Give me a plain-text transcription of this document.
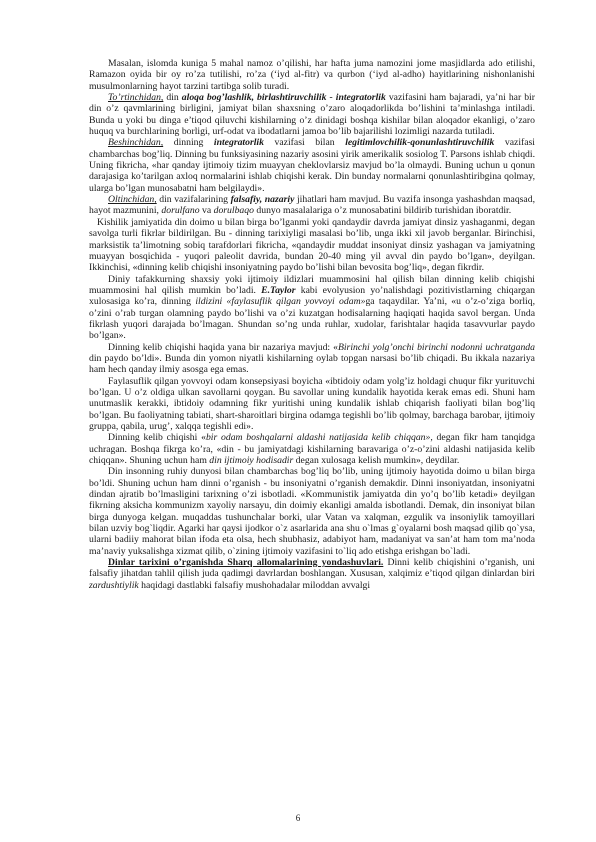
Masalan, islomda kuniga 5 mahal namoz o’qilishi, har hafta juma namozini jome masjidlarda ado etilishi, Ramazon oyida bir oy ro’za tutilishi, ro’za (‘iyd al-fitr) va qurbon (‘iyd al-adho) hayitlarining nishonlanishi musulmonlarning hayot tarzini tartibga solib turadi.

To’rtinchidan, din aloqa bog’lashlik, birlashtiruvchilik - integratorlik vazifasini ham bajaradi, ya’ni har bir din o’z qavmlarining birligini, jamiyat bilan shaxsning o’zaro aloqadorlikda bo’lishini ta’minlashga intiladi. Bunda u yoki bu dinga e’tiqod qiluvchi kishilarning o’z dinidagi boshqa kishilar bilan aloqador ekanligi, o’zaro huquq va burchlarining borligi, urf-odat va ibodatlarni jamoa bo’lib bajarilishi lozimligi nazarda tutiladi.

Beshinchidan, dinning integratorlik vazifasi bilan legitimlovchilik-qonunlashtiruvchilik vazifasi chambarchas bog’liq. Dinning bu funksiyasining nazariy asosini yirik amerikalik sosiolog T. Parsons ishlab chiqdi. Uning fikricha, «har qanday ijtimoiy tizim muayyan cheklovlarsiz mavjud bo’la olmaydi. Buning uchun u qonun darajasiga ko’tarilgan axloq normalarini ishlab chiqishi kerak. Din bunday normalarni qonunlashtiribgina qolmay, ularga bo’lgan munosabatni ham belgilaydi».

Oltinchidan, din vazifalarining falsafiy, nazariy jihatlari ham mavjud. Bu vazifa insonga yashashdan maqsad, hayot mazmunini, dorulfano va dorulbaqo dunyo masalalariga o’z munosabatini bildirib turishidan iboratdir.

Kishilik jamiyatida din doimo u bilan birga bo’lganmi yoki qandaydir davrda jamiyat dinsiz yashaganmi, degan savolga turli fikrlar bildirilgan. Bu - dinning tarixiyligi masalasi bo’lib, unga ikki xil javob berganlar. Birinchisi, marksistik ta’limotning sobiq tarafdorlari fikricha, «qandaydir muddat insoniyat dinsiz yashagan va jamiyatning muayyan bosqichida - yuqori paleolit davrida, bundan 20-40 ming yil avval din paydo bo’lgan», deyilgan. Ikkinchisi, «dinning kelib chiqishi insoniyatning paydo bo’lishi bilan bevosita bog’liq», degan fikrdir.

Diniy tafakkurning shaxsiy yoki ijtimoiy ildizlari muammosini hal qilish bilan dinning kelib chiqishi muammosini hal qilish mumkin bo’ladi. E.Taylor kabi evolyusion yo’nalishdagi pozitivistlarning chiqargan xulosasiga ko’ra, dinning ildizini «faylasuflik qilgan yovvoyi odam»ga taqaydilar. Ya’ni, «u o’z-o’ziga borliq, o’zini o’rab turgan olamning paydo bo’lishi va o’zi kuzatgan hodisalarning haqiqati haqida savol bergan. Unda fikrlash yuqori darajada bo’lmagan. Shundan so’ng unda ruhlar, xudolar, farishtalar haqida tasavvurlar paydo bo’lgan».

Dinning kelib chiqishi haqida yana bir nazariya mavjud: «Birinchi yolg’onchi birinchi nodonni uchratganda din paydo bo’ldi». Bunda din yomon niyatli kishilarning oylab topgan narsasi bo’lib chiqadi. Bu ikkala nazariya ham hech qanday ilmiy asosga ega emas.

Faylasuflik qilgan yovvoyi odam konsepsiyasi boyicha «ibtidoiy odam yolg’iz holdagi chuqur fikr yurituvchi bo’lgan. U o’z oldiga ulkan savollarni qoygan. Bu savollar uning kundalik hayotida kerak emas edi. Shuni ham unutmaslik kerakki, ibtidoiy odamning fikr yuritishi uning kundalik ishlab chiqarish faoliyati bilan bog’liq bo’lgan. Bu faoliyatning tabiati, shart-sharoitlari birgina odamga tegishli bo’lib qolmay, barchaga barobar, ijtimoiy gruppa, qabila, urug’, xalqqa tegishli edi».

Dinning kelib chiqishi «bir odam boshqalarni aldashi natijasida kelib chiqqan», degan fikr ham tanqidga uchragan. Boshqa fikrga ko’ra, «din - bu jamiyatdagi kishilarning baravariga o’z-o’zini aldashi natijasida kelib chiqqan». Shuning uchun ham din ijtimoiy hodisadir degan xulosaga kelish mumkin», deydilar.

Din insonning ruhiy dunyosi bilan chambarchas bog’liq bo’lib, uning ijtimoiy hayotida doimo u bilan birga bo’ldi. Shuning uchun ham dinni o’rganish - bu insoniyatni o’rganish demakdir. Dinni insoniyatdan, insoniyatni dindan ajratib bo’lmasligini tarixning o’zi isbotladi. «Kommunistik jamiyatda din yo’q bo’lib ketadi» deyilgan fikrning aksicha kommunizm xayoliy narsayu, din doimiy ekanligi amalda isbotlandi. Demak, din insoniyat bilan birga dunyoga kelgan. muqaddas tushunchalar borki, ular Vatan va xalqman, ezgulik va insoniylik tamoyillari bilan uzviy bog`liqdir. Agarki har qaysi ijodkor o`z asarlarida ana shu o`lmas g`oyalarni bosh maqsad qilib qo`ysa, ularni badiiy mahorat bilan ifoda eta olsa, hech shubhasiz, adabiyot ham, madaniyat va san’at ham tom ma’noda ma’naviy yuksalishga xizmat qilib, o`zining ijtimoiy vazifasini to`liq ado etishga erishgan bo`ladi.

Dinlar tarixini o’rganishda Sharq allomalarining yondashuvlari. Dinni kelib chiqishini o’rganish, uni falsafiy jihatdan tahlil qilish juda qadimgi davrlardan boshlangan. Xususan, xalqimiz e’tiqod qilgan dinlardan biri zardushtiylik haqidagi dastlabki falsafiy mushohadalar miloddan avvalgi

6
